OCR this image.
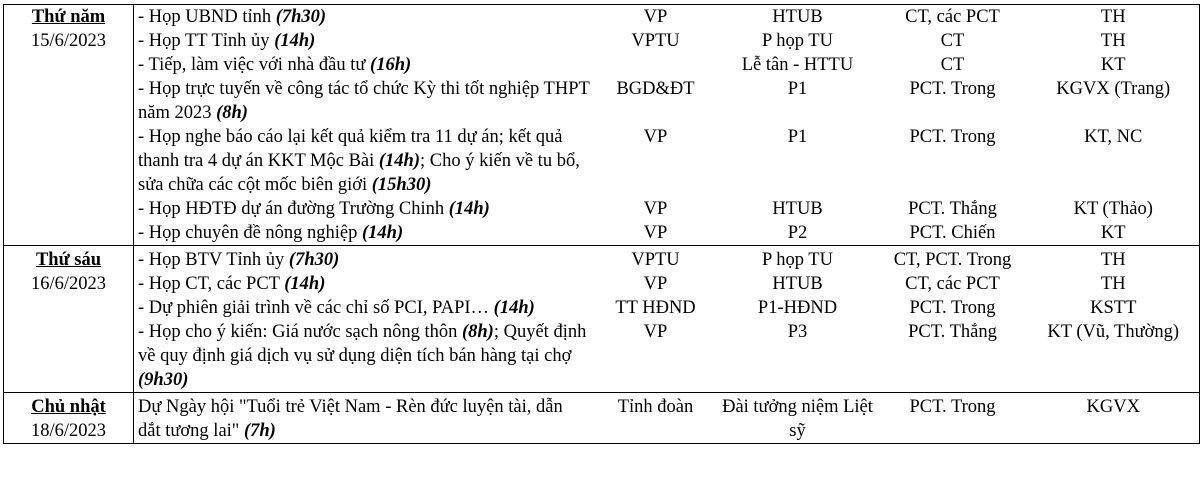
Thứ năm
15/6/2023	- Họp UBND tỉnh (7h30)	VP	HTUB	CT, các PCT	TH
	- Họp TT Tỉnh ủy (14h)	VPTU	P họp TU	CT	TH
	- Tiếp, làm việc với nhà đầu tư (16h)		Lễ tân - HTTU	CT	KT
	- Họp trực tuyến về công tác tổ chức Kỳ thi tốt nghiệp THPT năm 2023 (8h)	BGD&ĐT	P1	PCT. Trong	KGVX (Trang)
	- Họp nghe báo cáo lại kết quả kiểm tra 11 dự án; kết quả thanh tra 4 dự án KKT Mộc Bài (14h); Cho ý kiến về tu bổ, sửa chữa các cột mốc biên giới (15h30)	VP	P1	PCT. Trong	KT, NC
	- Họp HĐTĐ dự án đường Trường Chinh (14h)	VP	HTUB	PCT. Thắng	KT (Thảo)
	- Họp chuyên đề nông nghiệp (14h)	VP	P2	PCT. Chiến	KT

Thứ sáu
16/6/2023	- Họp BTV Tỉnh ủy (7h30)	VPTU	P họp TU	CT, PCT. Trong	TH
	- Họp CT, các PCT (14h)	VP	HTUB	CT, các PCT	TH
	- Dự phiên giải trình về các chỉ số PCI, PAPI… (14h)	TT HĐND	P1-HĐND	PCT. Trong	KSTT
	- Họp cho ý kiến: Giá nước sạch nông thôn (8h); Quyết định về quy định giá dịch vụ sử dụng diện tích bán hàng tại chợ (9h30)	VP	P3	PCT. Thắng	KT (Vũ, Thường)

Chủ nhật
18/6/2023	Dự Ngày hội "Tuổi trẻ Việt Nam - Rèn đức luyện tài, dẫn dắt tương lai" (7h)	Tỉnh đoàn	Đài tưởng niệm Liệt sỹ	PCT. Trong	KGVX
